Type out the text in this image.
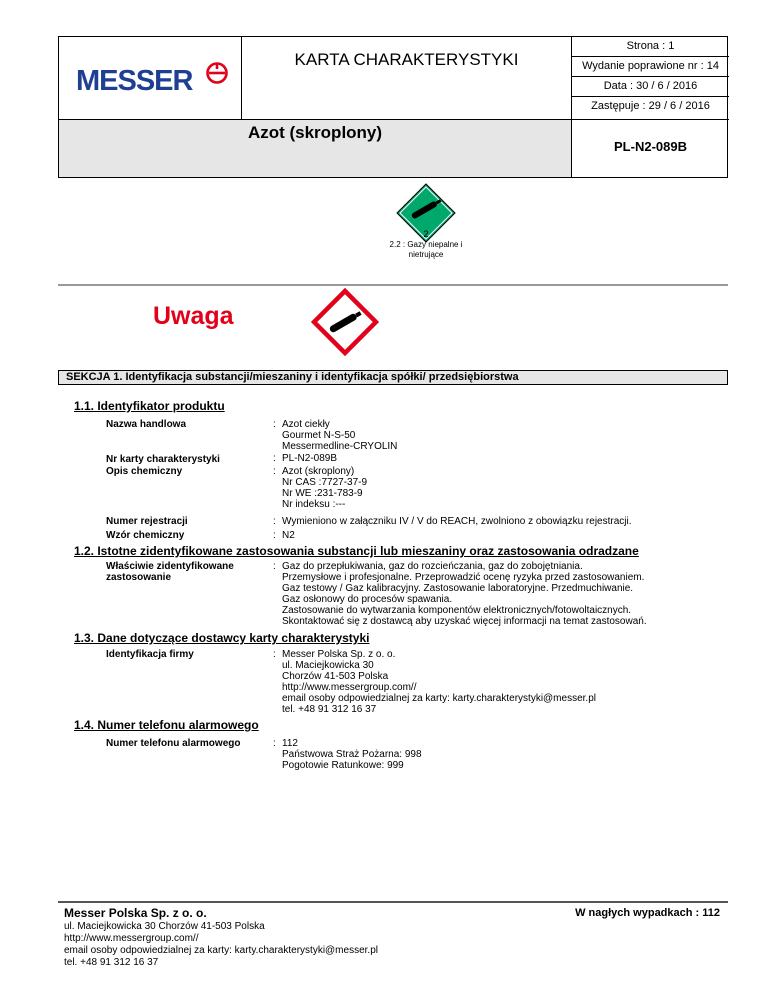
MESSER
KARTA CHARAKTERYSTYKI
Strona : 1
Wydanie poprawione nr : 14
Data : 30 / 6 / 2016
Zastępuje : 29 / 6 / 2016
Azot (skroplony)
PL-N2-089B
2
2.2 : Gazy niepalne i
nietrujące
Uwaga
SEKCJA 1. Identyfikacja substancji/mieszaniny i identyfikacja spółki/ przedsiębiorstwa
1.1. Identyfikator produktu
Nazwa handlowa	: Azot ciekły
Gourmet N-S-50
Messermedline-CRYOLIN
Nr karty charakterystyki	: PL-N2-089B
Opis chemiczny	: Azot (skroplony)
Nr CAS :7727-37-9
Nr WE :231-783-9
Nr indeksu :---
Numer rejestracji	: Wymieniono w załączniku IV / V do REACH, zwolniono z obowiązku rejestracji.
Wzór chemiczny	: N2
1.2. Istotne zidentyfikowane zastosowania substancji lub mieszaniny oraz zastosowania odradzane
Właściwie zidentyfikowane
zastosowanie
: Gaz do przepłukiwania, gaz do rozcieńczania, gaz do zobojętniania.
Przemysłowe i profesjonalne. Przeprowadzić ocenę ryzyka przed zastosowaniem.
Gaz testowy / Gaz kalibracyjny. Zastosowanie laboratoryjne. Przedmuchiwanie.
Gaz osłonowy do procesów spawania.
Zastosowanie do wytwarzania komponentów elektronicznych/fotowoltaicznych.
Skontaktować się z dostawcą aby uzyskać więcej informacji na temat zastosowań.
1.3. Dane dotyczące dostawcy karty charakterystyki
Identyfikacja firmy	: Messer Polska Sp. z o. o.
ul. Maciejkowicka 30
Chorzów 41-503 Polska
http://www.messergroup.com//
email osoby odpowiedzialnej za karty: karty.charakterystyki@messer.pl
tel. +48 91 312 16 37
1.4. Numer telefonu alarmowego
Numer telefonu alarmowego	: 112
Państwowa Straż Pożarna: 998
Pogotowie Ratunkowe: 999
Messer Polska Sp. z o. o.	W nagłych wypadkach : 112
ul. Maciejkowicka 30 Chorzów 41-503 Polska
http://www.messergroup.com//
email osoby odpowiedzialnej za karty: karty.charakterystyki@messer.pl
tel. +48 91 312 16 37
